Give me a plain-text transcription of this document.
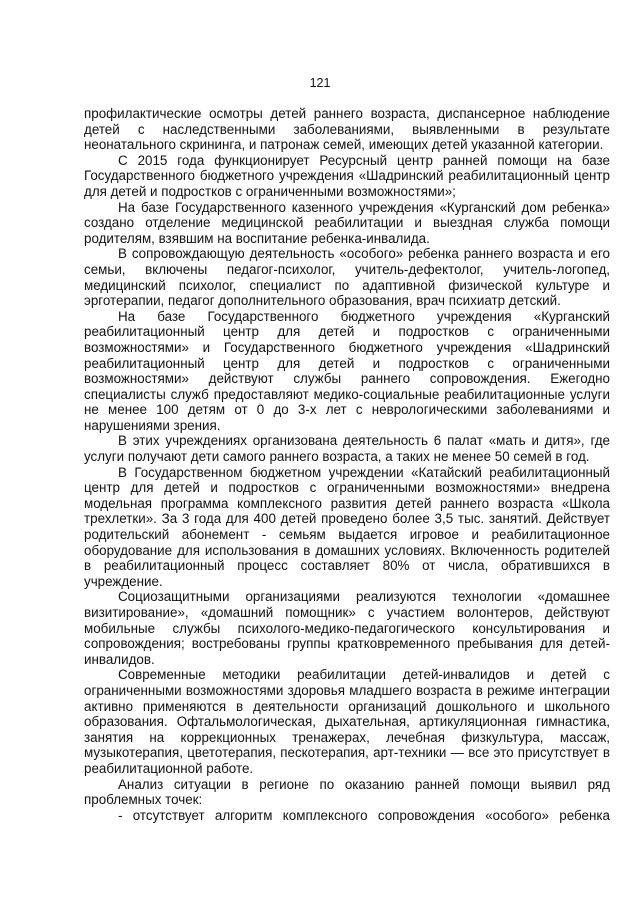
121

профилактические осмотры детей раннего возраста, диспансерное наблюдение детей с наследственными заболеваниями, выявленными в результате неонатального скрининга, и патронаж семей, имеющих детей указанной категории.

С 2015 года функционирует Ресурсный центр ранней помощи на базе Государственного бюджетного учреждения «Шадринский реабилитационный центр для детей и подростков с ограниченными возможностями»;

На базе Государственного казенного учреждения «Курганский дом ребенка» создано отделение медицинской реабилитации и выездная служба помощи родителям, взявшим на воспитание ребенка-инвалида.

В сопровождающую деятельность «особого» ребенка раннего возраста и его семьи, включены педагог-психолог, учитель-дефектолог, учитель-логопед, медицинский психолог, специалист по адаптивной физической культуре и эрготерапии, педагог дополнительного образования, врач психиатр детский.

На базе Государственного бюджетного учреждения «Курганский реабилитационный центр для детей и подростков с ограниченными возможностями» и Государственного бюджетного учреждения «Шадринский реабилитационный центр для детей и подростков с ограниченными возможностями» действуют службы раннего сопровождения. Ежегодно специалисты служб предоставляют медико-социальные реабилитационные услуги не менее 100 детям от 0 до 3-х лет с неврологическими заболеваниями и нарушениями зрения.

В этих учреждениях организована деятельность 6 палат «мать и дитя», где услуги получают дети самого раннего возраста, а таких не менее 50 семей в год.

В Государственном бюджетном учреждении «Катайский реабилитационный центр для детей и подростков с ограниченными возможностями» внедрена модельная программа комплексного развития детей раннего возраста «Школа трехлетки». За 3 года для 400 детей проведено более 3,5 тыс. занятий. Действует родительский абонемент - семьям выдается игровое и реабилитационное оборудование для использования в домашних условиях. Включенность родителей в реабилитационный процесс составляет 80% от числа, обратившихся в учреждение.

Социозащитными организациями реализуются технологии «домашнее визитирование», «домашний помощник» с участием волонтеров, действуют мобильные службы психолого-медико-педагогического консультирования и сопровождения; востребованы группы кратковременного пребывания для детей-инвалидов.

Современные методики реабилитации детей-инвалидов и детей с ограниченными возможностями здоровья младшего возраста в режиме интеграции активно применяются в деятельности организаций дошкольного и школьного образования. Офтальмологическая, дыхательная, артикуляционная гимнастика, занятия на коррекционных тренажерах, лечебная физкультура, массаж, музыкотерапия, цветотерапия, пескотерапия, арт-техники — все это присутствует в реабилитационной работе.

Анализ ситуации в регионе по оказанию ранней помощи выявил ряд проблемных точек:

- отсутствует алгоритм комплексного сопровождения «особого» ребенка
